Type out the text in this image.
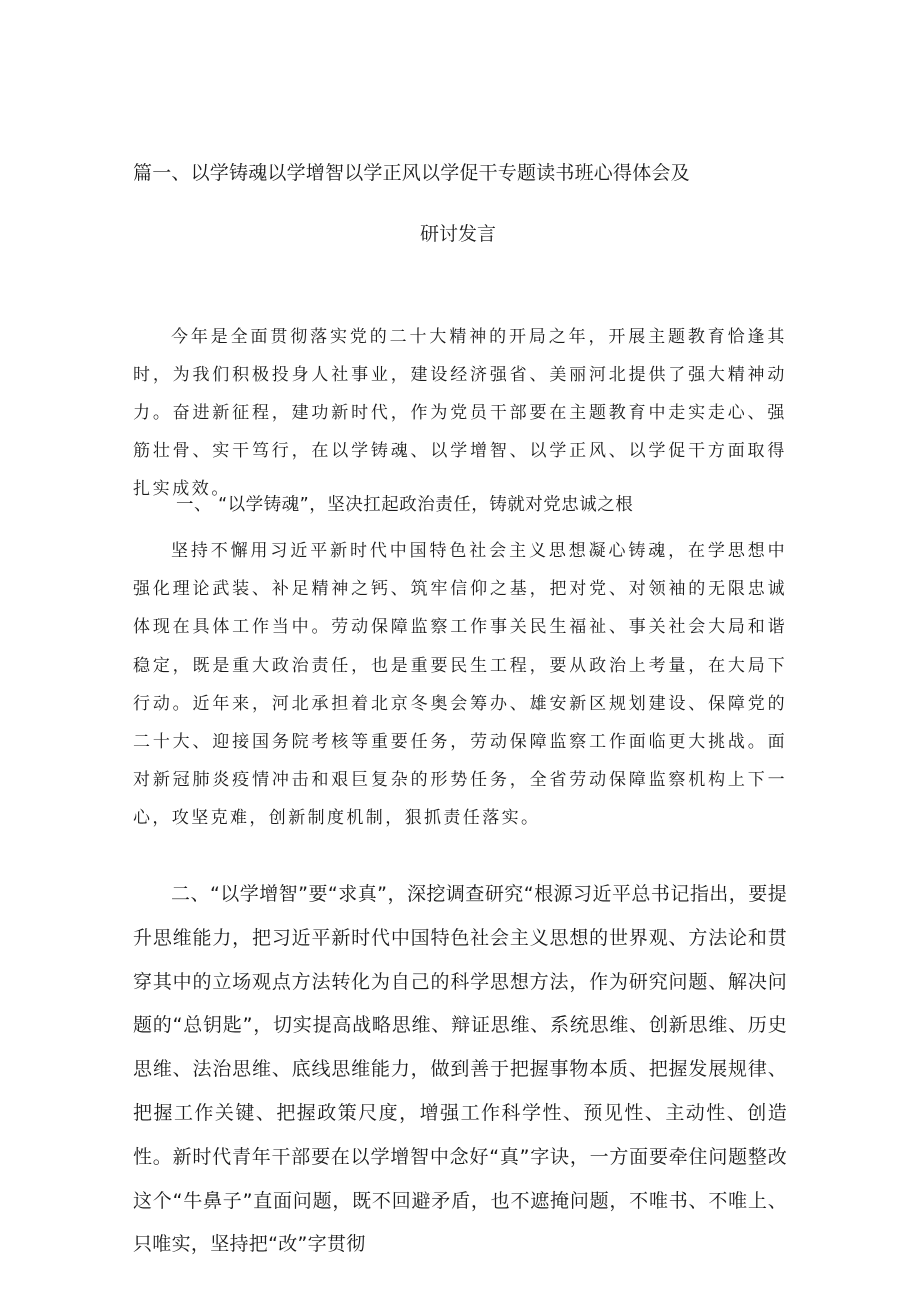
篇一、以学铸魂以学增智以学正风以学促干专题读书班心得体会及
研讨发言

今年是全面贯彻落实党的二十大精神的开局之年，开展主题教育恰逢其时，为我们积极投身人社事业，建设经济强省、美丽河北提供了强大精神动力。奋进新征程，建功新时代，作为党员干部要在主题教育中走实走心、强筋壮骨、实干笃行，在以学铸魂、以学增智、以学正风、以学促干方面取得扎实成效。

一、 “以学铸魂”，坚决扛起政治责任，铸就对党忠诚之根

坚持不懈用习近平新时代中国特色社会主义思想凝心铸魂，在学思想中强化理论武装、补足精神之钙、筑牢信仰之基，把对党、对领袖的无限忠诚体现在具体工作当中。劳动保障监察工作事关民生福祉、事关社会大局和谐稳定，既是重大政治责任，也是重要民生工程，要从政治上考量，在大局下行动。近年来，河北承担着北京冬奥会筹办、雄安新区规划建设、保障党的二十大、迎接国务院考核等重要任务，劳动保障监察工作面临更大挑战。面对新冠肺炎疫情冲击和艰巨复杂的形势任务，全省劳动保障监察机构上下一心，攻坚克难，创新制度机制，狠抓责任落实。

二、“以学增智”要“求真”，深挖调查研究“根源习近平总书记指出，要提升思维能力，把习近平新时代中国特色社会主义思想的世界观、方法论和贯穿其中的立场观点方法转化为自己的科学思想方法，作为研究问题、解决问题的“总钥匙”，切实提高战略思维、辩证思维、系统思维、创新思维、历史思维、法治思维、底线思维能力，做到善于把握事物本质、把握发展规律、把握工作关键、把握政策尺度，增强工作科学性、预见性、主动性、创造性。新时代青年干部要在以学增智中念好“真”字诀，一方面要牵住问题整改这个“牛鼻子”直面问题，既不回避矛盾，也不遮掩问题，不唯书、不唯上、只唯实，坚持把“改”字贯彻
